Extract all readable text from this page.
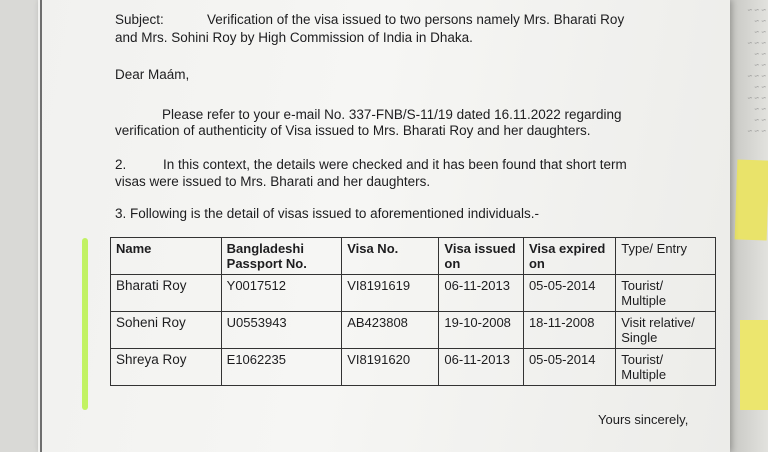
~ ~ ~
~ ~
~ ~
~ ~ ~
~ ~
~ ~ ~
~ ~
~ ~
~ ~ ~
~ ~
~ ~
~ ~ ~
Subject:	Verification of the visa issued to two persons namely Mrs. Bharati Roy
and Mrs. Sohini Roy by High Commission of India in Dhaka.
Dear Maám,
Please refer to your e-mail No. 337-FNB/S-11/19 dated 16.11.2022 regarding
verification of authenticity of Visa issued to Mrs. Bharati Roy and her daughters.
2.	In this context, the details were checked and it has been found that short term
visas were issued to Mrs. Bharati and her daughters.
3. Following is the detail of visas issued to aforementioned individuals.-
Name	Bangladeshi Passport No.	Visa No.	Visa issued on	Visa expired on	Type/ Entry
Bharati Roy	Y0017512	VI8191619	06-11-2013	05-05-2014	Tourist/ Multiple
Soheni Roy	U0553943	AB423808	19-10-2008	18-11-2008	Visit relative/ Single
Shreya Roy	E1062235	VI8191620	06-11-2013	05-05-2014	Tourist/ Multiple
Yours sincerely,
